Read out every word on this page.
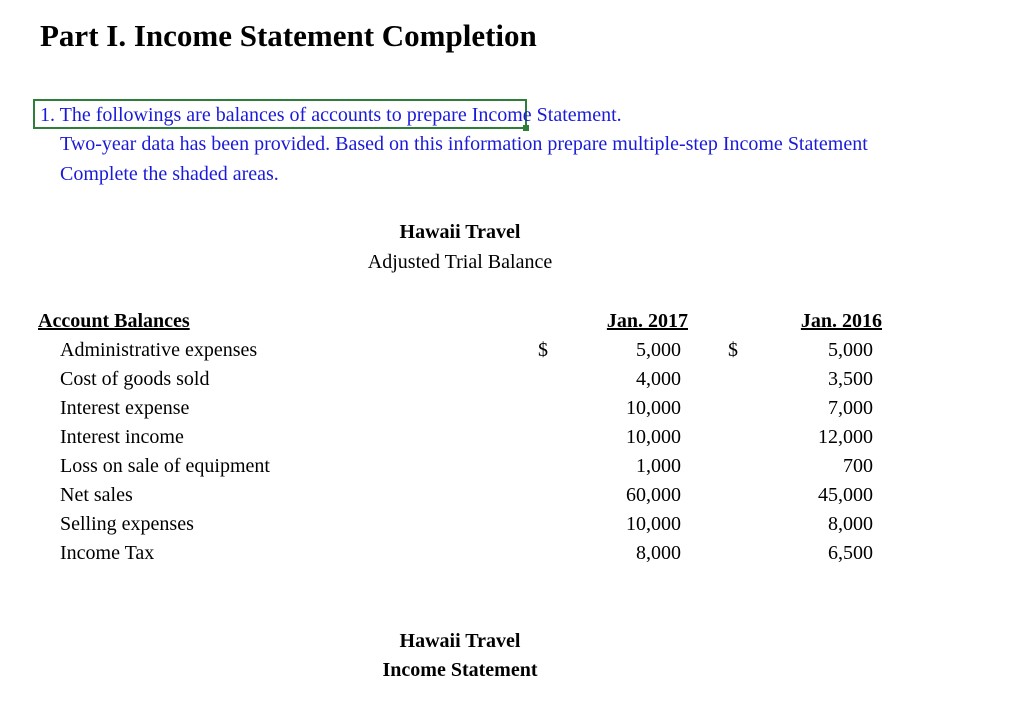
Part I. Income Statement Completion
1. The followings are balances of accounts to prepare Income Statement.
Two-year data has been provided. Based on this information prepare multiple-step Income Statement
Complete the shaded areas.
Hawaii Travel
Adjusted Trial Balance
Account Balances	Jan. 2017	Jan. 2016
Administrative expenses	$	5,000 $	5,000
Cost of goods sold	4,000	3,500
Interest expense	10,000	7,000
Interest income	10,000	12,000
Loss on sale of equipment	1,000	700
Net sales	60,000	45,000
Selling expenses	10,000	8,000
Income Tax	8,000	6,500
Hawaii Travel
Income Statement
